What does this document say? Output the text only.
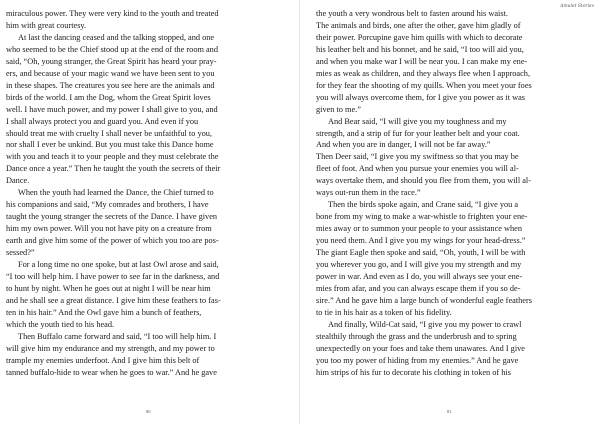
miraculous power. They were very kind to the youth and treated
him with great courtesy.
At last the dancing ceased and the talking stopped, and one
who seemed to be the Chief stood up at the end of the room and
said, “Oh, young stranger, the Great Spirit has heard your pray-
ers, and because of your magic wand we have been sent to you
in these shapes. The creatures you see here are the animals and
birds of the world. I am the Dog, whom the Great Spirit loves
well. I have much power, and my power I shall give to you, and
I shall always protect you and guard you. And even if you
should treat me with cruelty I shall never be unfaithful to you,
nor shall I ever be unkind. But you must take this Dance home
with you and teach it to your people and they must celebrate the
Dance once a year.” Then he taught the youth the secrets of their
Dance.
When the youth had learned the Dance, the Chief turned to
his companions and said, “My comrades and brothers, I have
taught the young stranger the secrets of the Dance. I have given
him my own power. Will you not have pity on a creature from
earth and give him some of the power of which you too are pos-
sessed?”
For a long time no one spoke, but at last Owl arose and said,
“I too will help him. I have power to see far in the darkness, and
to hunt by night. When he goes out at night I will be near him
and he shall see a great distance. I give him these feathers to fas-
ten in his hair.” And the Owl gave him a bunch of feathers,
which the youth tied to his head.
Then Buffalo came forward and said, “I too will help him. I
will give him my endurance and my strength, and my power to
trample my enemies underfoot. And I give him this belt of
tanned buffalo-hide to wear when he goes to war.” And he gave
80
Amulet Stories
the youth a very wondrous belt to fasten around his waist.
The animals and birds, one after the other, gave him gladly of
their power. Porcupine gave him quills with which to decorate
his leather belt and his bonnet, and he said, “I too will aid you,
and when you make war I will be near you. I can make my ene-
mies as weak as children, and they always flee when I approach,
for they fear the shooting of my quills. When you meet your foes
you will always overcome them, for I give you power as it was
given to me.”
And Bear said, “I will give you my toughness and my
strength, and a strip of fur for your leather belt and your coat.
And when you are in danger, I will not be far away.”
Then Deer said, “I give you my swiftness so that you may be
fleet of foot. And when you pursue your enemies you will al-
ways overtake them, and should you flee from them, you will al-
ways out-run them in the race.”
Then the birds spoke again, and Crane said, “I give you a
bone from my wing to make a war-whistle to frighten your ene-
mies away or to summon your people to your assistance when
you need them. And I give you my wings for your head-dress.”
The giant Eagle then spoke and said, “Oh, youth, I will be with
you wherever you go, and I will give you my strength and my
power in war. And even as I do, you will always see your ene-
mies from afar, and you can always escape them if you so de-
sire.” And he gave him a large bunch of wonderful eagle feathers
to tie in his hair as a token of his fidelity.
And finally, Wild-Cat said, “I give you my power to crawl
stealthily through the grass and the underbrush and to spring
unexpectedly on your foes and take them unawares. And I give
you too my power of hiding from my enemies.” And he gave
him strips of his fur to decorate his clothing in token of his
81
